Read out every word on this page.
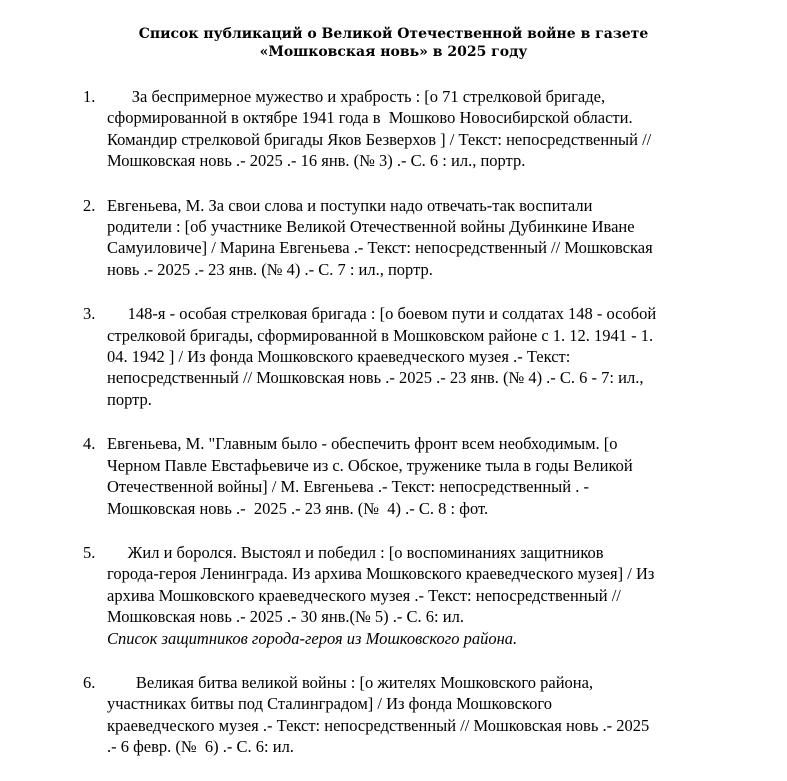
Список публикаций о Великой Отечественной войне в газете
«Мошковская новь» в 2025 году
1. За беспримерное мужество и храбрость : [о 71 стрелковой бригаде,
сформированной в октябре 1941 года в  Мошково Новосибирской области.
Командир стрелковой бригады Яков Безверхов ] / Текст: непосредственный //
Мошковская новь .- 2025 .- 16 янв. (№ 3) .- С. 6 : ил., портр.
2. Евгеньева, М. За свои слова и поступки надо отвечать-так воспитали
родители : [об участнике Великой Отечественной войны Дубинкине Иване
Самуиловиче] / Марина Евгеньева .- Текст: непосредственный // Мошковская
новь .- 2025 .- 23 янв. (№ 4) .- С. 7 : ил., портр.
3. 148-я - особая стрелковая бригада : [о боевом пути и солдатах 148 - особой
стрелковой бригады, сформированной в Мошковском районе с 1. 12. 1941 - 1.
04. 1942 ] / Из фонда Мошковского краеведческого музея .- Текст:
непосредственный // Мошковская новь .- 2025 .- 23 янв. (№ 4) .- С. 6 - 7: ил.,
портр.
4. Евгеньева, М. "Главным было - обеспечить фронт всем необходимым. [о
Черном Павле Евстафьевиче из с. Обское, труженике тыла в годы Великой
Отечественной войны] / М. Евгеньева .- Текст: непосредственный . -
Мошковская новь .-  2025 .- 23 янв. (№  4) .- С. 8 : фот.
5. Жил и боролся. Выстоял и победил : [о воспоминаниях защитников
города-героя Ленинграда. Из архива Мошковского краеведческого музея] / Из
архива Мошковского краеведческого музея .- Текст: непосредственный //
Мошковская новь .- 2025 .- 30 янв.(№ 5) .- С. 6: ил.
Список защитников города-героя из Мошковского района.
6. Великая битва великой войны : [о жителях Мошковского района,
участниках битвы под Сталинградом] / Из фонда Мошковского
краеведческого музея .- Текст: непосредственный // Мошковская новь .- 2025
.- 6 февр. (№  6) .- С. 6: ил.
